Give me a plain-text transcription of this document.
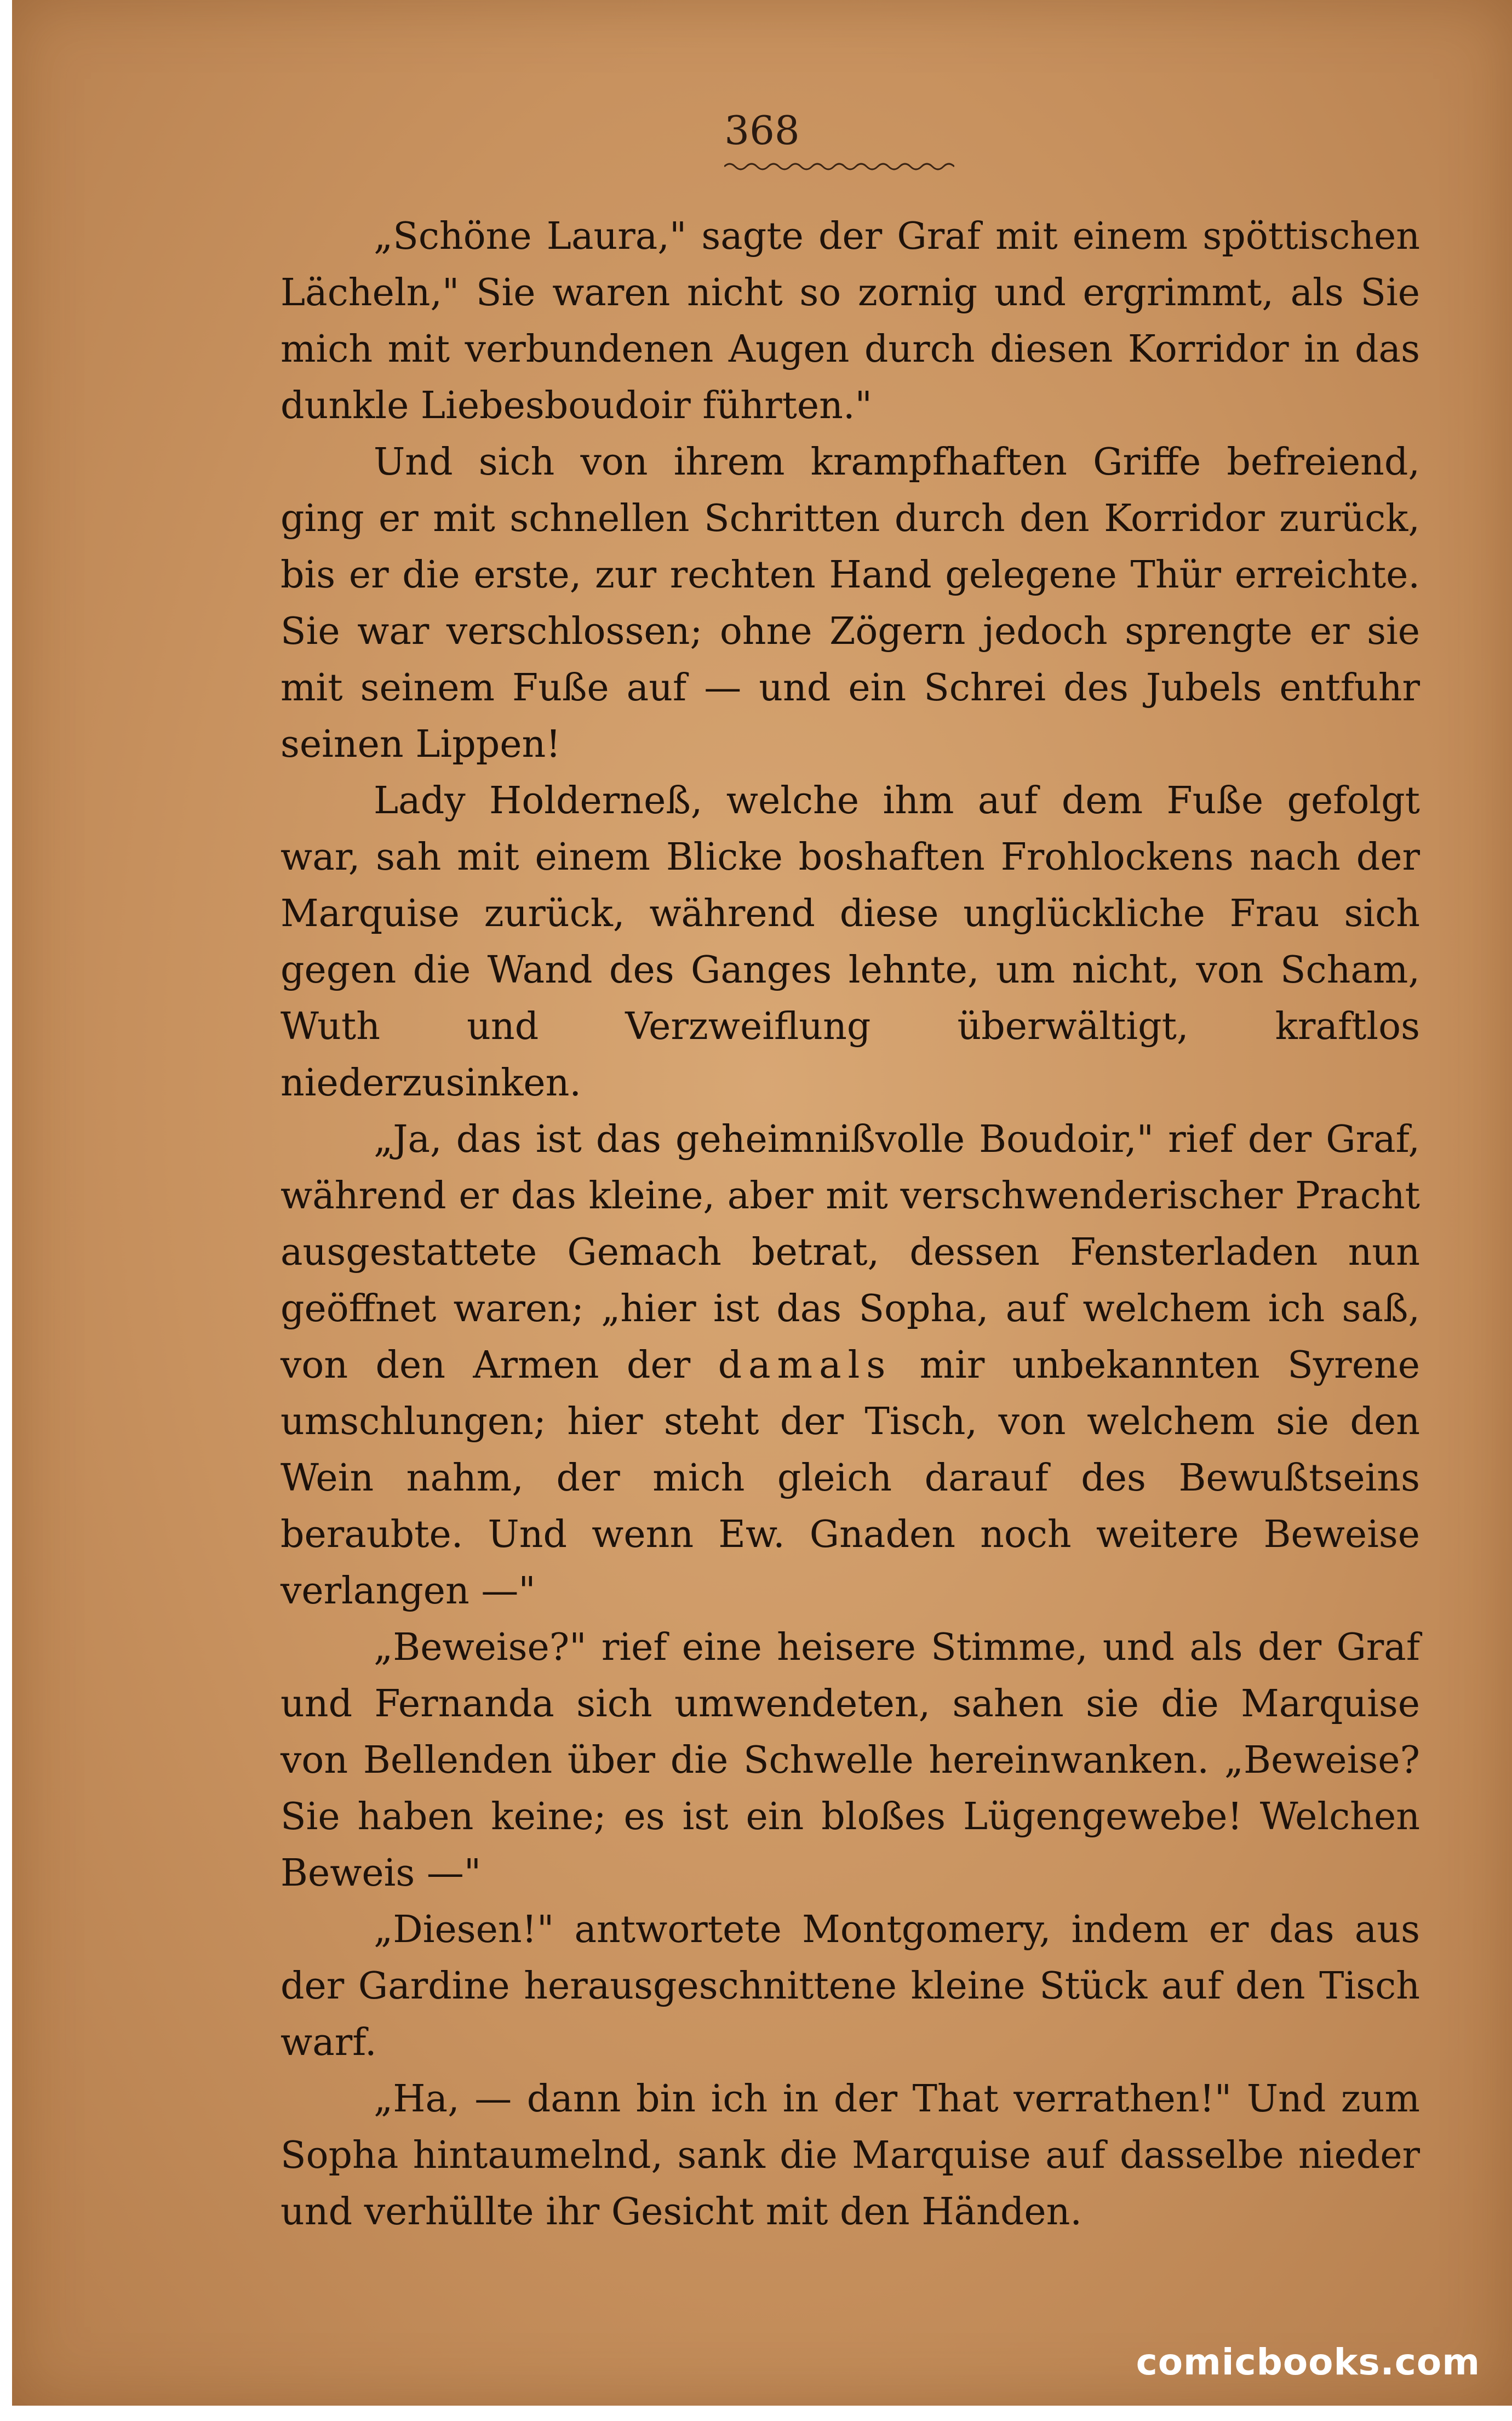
368

„Schöne Laura," sagte der Graf mit einem spöttischen Lächeln," Sie waren nicht so zornig und ergrimmt, als Sie mich mit verbundenen Augen durch diesen Korridor in das dunkle Liebesboudoir führten."

Und sich von ihrem krampfhaften Griffe befreiend, ging er mit schnellen Schritten durch den Korridor zurück, bis er die erste, zur rechten Hand gelegene Thür erreichte. Sie war verschlossen; ohne Zögern jedoch sprengte er sie mit seinem Fuße auf — und ein Schrei des Jubels entfuhr seinen Lippen!

Lady Holderneß, welche ihm auf dem Fuße gefolgt war, sah mit einem Blicke boshaften Frohlockens nach der Marquise zurück, während diese unglückliche Frau sich gegen die Wand des Ganges lehnte, um nicht, von Scham, Wuth und Verzweiflung überwältigt, kraftlos niederzusinken.

„Ja, das ist das geheimnißvolle Boudoir," rief der Graf, während er das kleine, aber mit verschwenderischer Pracht ausgestattete Gemach betrat, dessen Fensterladen nun geöffnet waren; „hier ist das Sopha, auf welchem ich saß, von den Armen der damals mir unbekannten Syrene umschlungen; hier steht der Tisch, von welchem sie den Wein nahm, der mich gleich darauf des Bewußtseins beraubte. Und wenn Ew. Gnaden noch weitere Beweise verlangen —"

„Beweise?" rief eine heisere Stimme, und als der Graf und Fernanda sich umwendeten, sahen sie die Marquise von Bellenden über die Schwelle hereinwanken. „Beweise? Sie haben keine; es ist ein bloßes Lügengewebe! Welchen Beweis —"

„Diesen!" antwortete Montgomery, indem er das aus der Gardine herausgeschnittene kleine Stück auf den Tisch warf.

„Ha, — dann bin ich in der That verrathen!" Und zum Sopha hintaumelnd, sank die Marquise auf dasselbe nieder und verhüllte ihr Gesicht mit den Händen.

comicbooks.com
